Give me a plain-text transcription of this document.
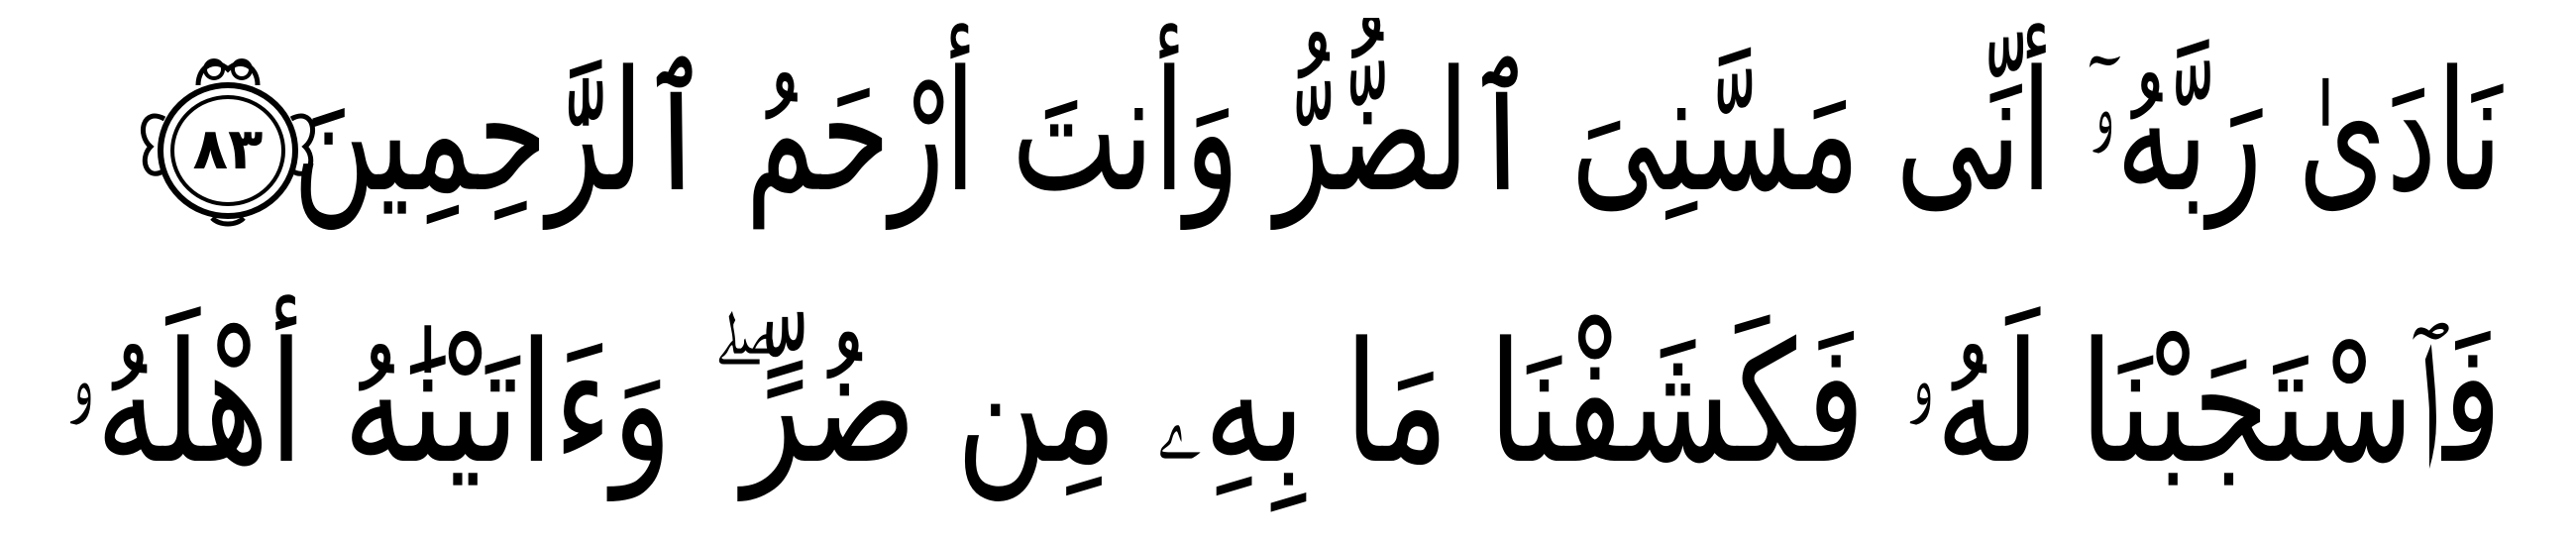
نَادَىٰ رَبَّهُۥٓ أَنِّى مَسَّنِىَ ٱلضُّرُّ وَأَنتَ أَرْحَمُ ٱلرَّٰحِمِينَ
٨٣
فَٱسْتَجَبْنَا لَهُۥ فَكَشَفْنَا مَا بِهِۦ مِن ضُرٍّ ۖ وَءَاتَيْنَٰهُ أَهْلَهُۥ
